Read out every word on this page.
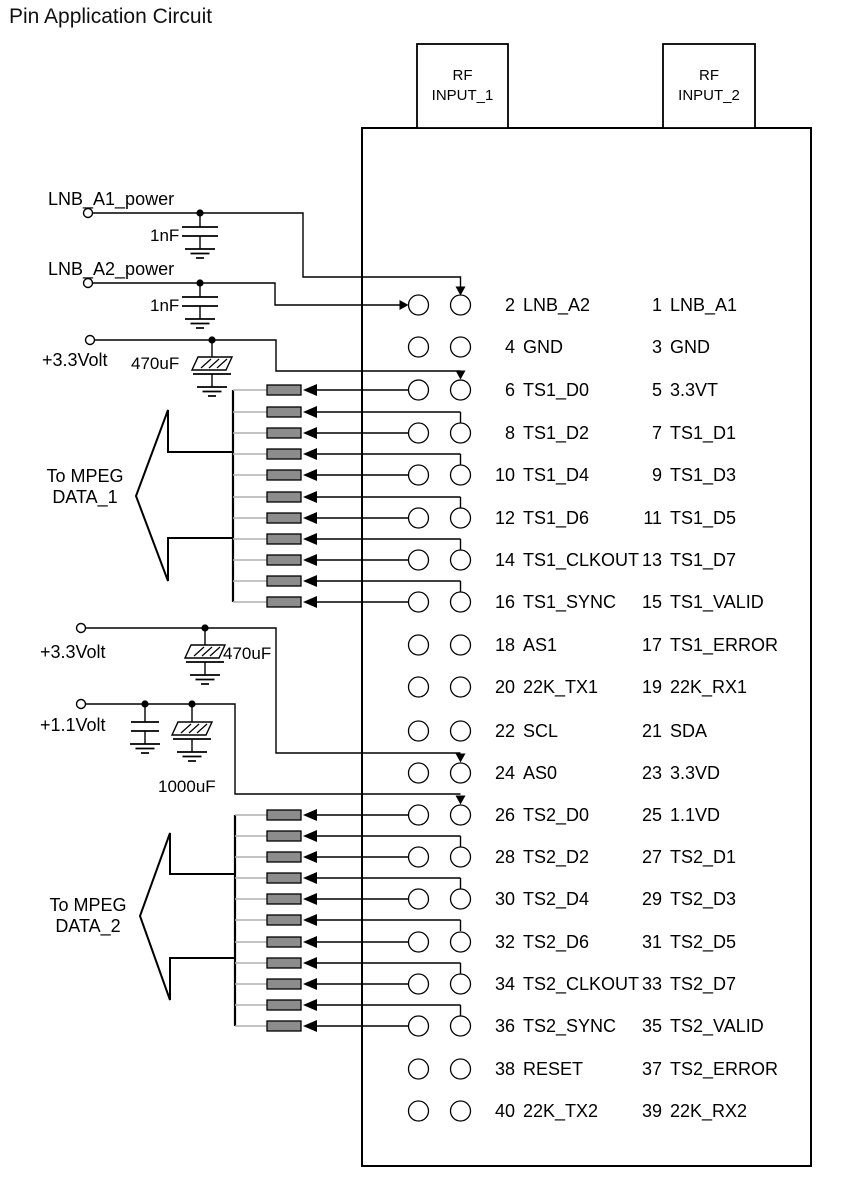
Pin Application Circuit
RF
INPUT_1
RF
INPUT_2
LNB_A1_power
1nF
LNB_A2_power
1nF
+3.3Volt 470uF
To MPEG
DATA_1
+3.3Volt	470uF
+1.1Volt
1000uF
To MPEG
DATA_2
2 LNB_A2	1 LNB_A1
4 GND	3 GND
6 TS1_D0	5 3.3VT
8 TS1_D2	7 TS1_D1
10 TS1_D4	9 TS1_D3
12 TS1_D6	11 TS1_D5
14 TS1_CLKOUT 13 TS1_D7
16 TS1_SYNC	15 TS1_VALID
18 AS1	17 TS1_ERROR
20 22K_TX1	19 22K_RX1
22 SCL	21 SDA
24 AS0	23 3.3VD
26 TS2_D0	25 1.1VD
28 TS2_D2	27 TS2_D1
30 TS2_D4	29 TS2_D3
32 TS2_D6	31 TS2_D5
34 TS2_CLKOUT 33 TS2_D7
36 TS2_SYNC	35 TS2_VALID
38 RESET	37 TS2_ERROR
40 22K_TX2	39 22K_RX2
